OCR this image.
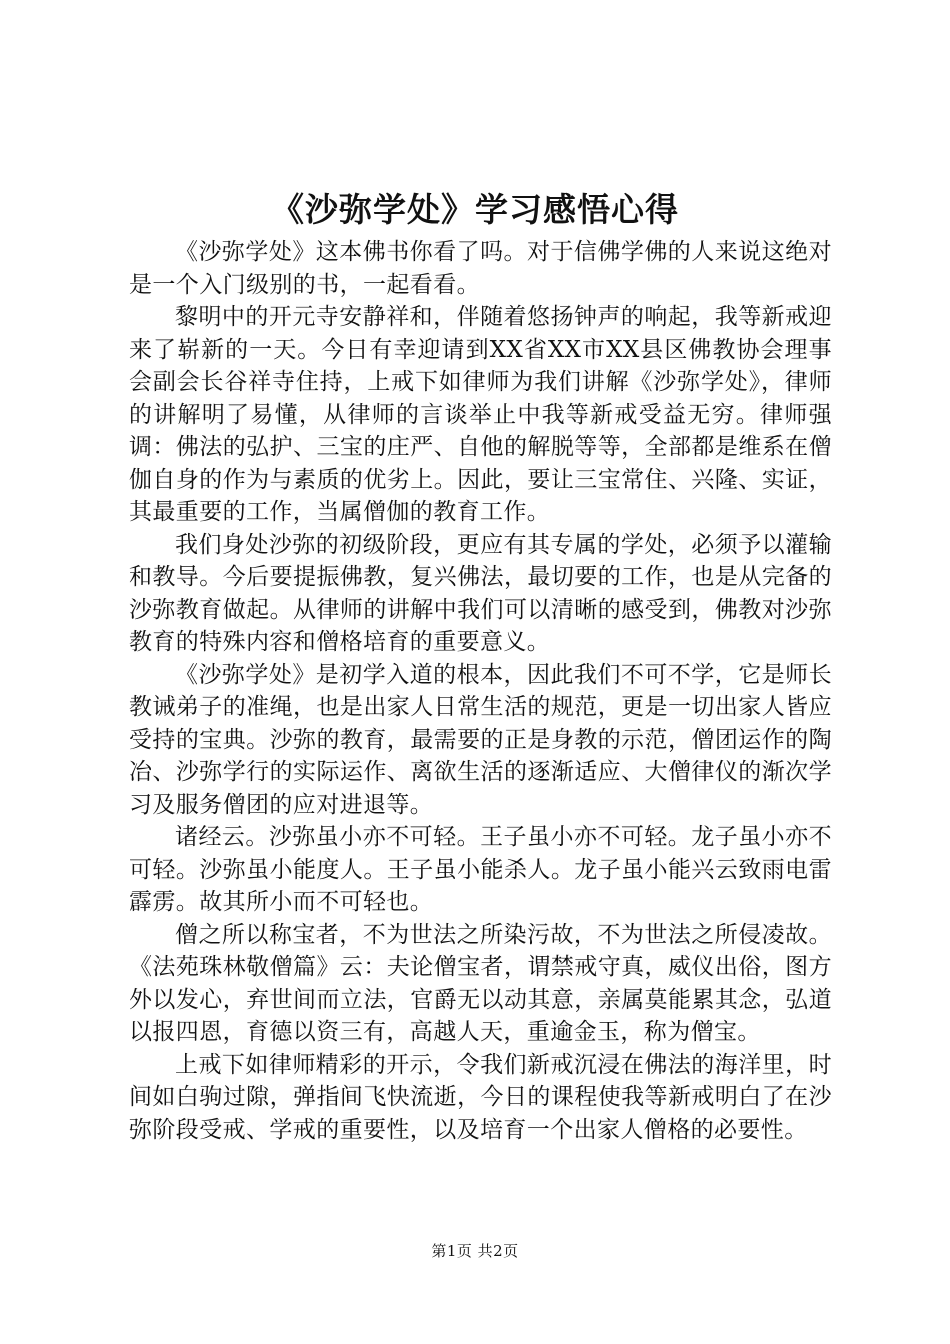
《沙弥学处》学习感悟心得

《沙弥学处》这本佛书你看了吗。对于信佛学佛的人来说这绝对是一个入门级别的书，一起看看。

黎明中的开元寺安静祥和，伴随着悠扬钟声的响起，我等新戒迎来了崭新的一天。今日有幸迎请到XX省XX市XX县区佛教协会理事会副会长谷祥寺住持，上戒下如律师为我们讲解《沙弥学处》，律师的讲解明了易懂，从律师的言谈举止中我等新戒受益无穷。律师强调：佛法的弘护、三宝的庄严、自他的解脱等等，全部都是维系在僧伽自身的作为与素质的优劣上。因此，要让三宝常住、兴隆、实证，其最重要的工作，当属僧伽的教育工作。

我们身处沙弥的初级阶段，更应有其专属的学处，必须予以灌输和教导。今后要提振佛教，复兴佛法，最切要的工作，也是从完备的沙弥教育做起。从律师的讲解中我们可以清晰的感受到，佛教对沙弥教育的特殊内容和僧格培育的重要意义。

《沙弥学处》是初学入道的根本，因此我们不可不学，它是师长教诫弟子的准绳，也是出家人日常生活的规范，更是一切出家人皆应受持的宝典。沙弥的教育，最需要的正是身教的示范，僧团运作的陶冶、沙弥学行的实际运作、离欲生活的逐渐适应、大僧律仪的渐次学习及服务僧团的应对进退等。

诸经云。沙弥虽小亦不可轻。王子虽小亦不可轻。龙子虽小亦不可轻。沙弥虽小能度人。王子虽小能杀人。龙子虽小能兴云致雨电雷霹雳。故其所小而不可轻也。

僧之所以称宝者，不为世法之所染污故，不为世法之所侵凌故。《法苑珠林敬僧篇》云：夫论僧宝者，谓禁戒守真，威仪出俗，图方外以发心，弃世间而立法，官爵无以动其意，亲属莫能累其念，弘道以报四恩，育德以资三有，高越人天，重逾金玉，称为僧宝。

上戒下如律师精彩的开示，令我们新戒沉浸在佛法的海洋里，时间如白驹过隙，弹指间飞快流逝，今日的课程使我等新戒明白了在沙弥阶段受戒、学戒的重要性，以及培育一个出家人僧格的必要性。

第1页 共2页
